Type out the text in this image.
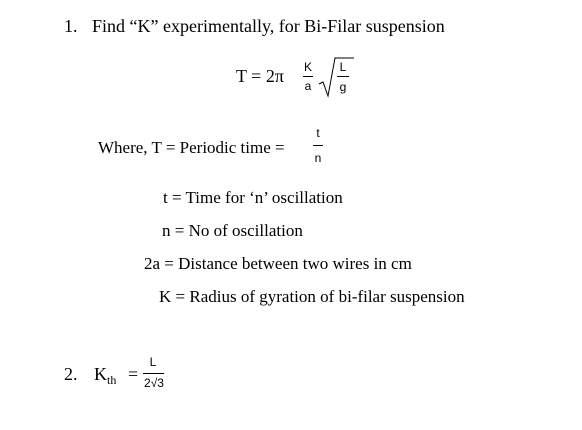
1. Find “K” experimentally, for Bi-Filar suspension
T = 2π K
a
L
g
Where, T = Periodic time =
t
n
t = Time for ‘n’ oscillation
n = No of oscillation
2a = Distance between two wires in cm
K = Radius of gyration of bi-filar suspension
2. $K_{th}$ =
L
2√3
